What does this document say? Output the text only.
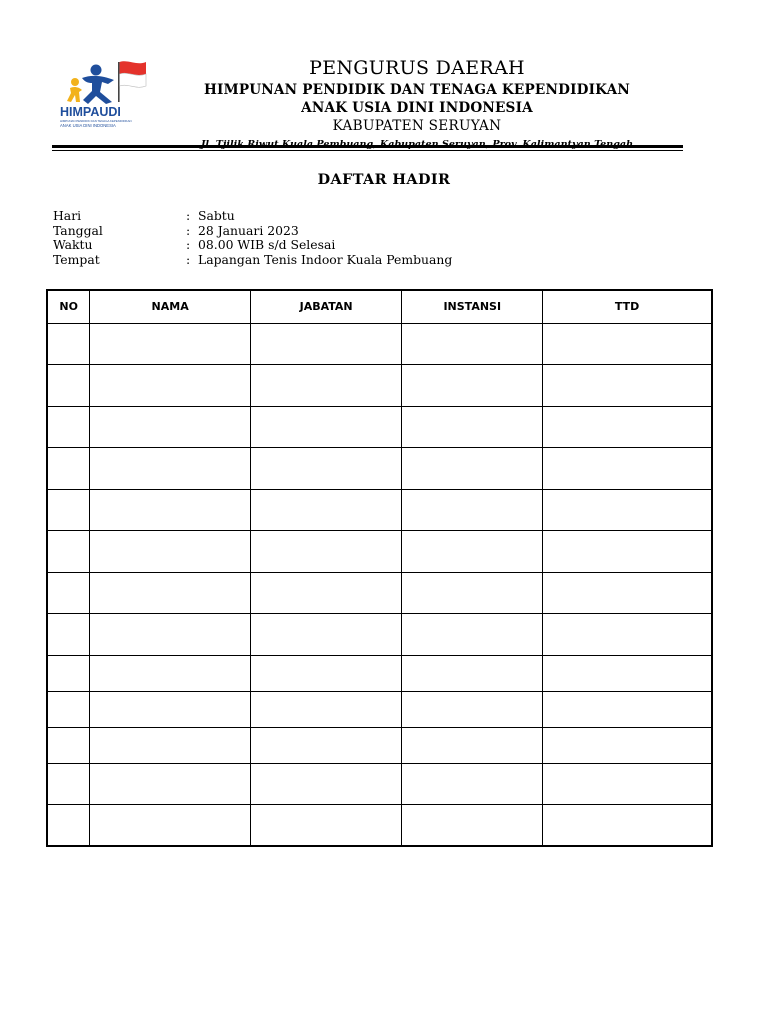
HIMPAUDI
HIMPUNAN PENDIDIK DAN TENAGA KEPENDIDIKAN
ANAK USIA DINI INDONESIA
PENGURUS DAERAH
HIMPUNAN PENDIDIK DAN TENAGA KEPENDIDIKAN
ANAK USIA DINI INDONESIA
KABUPATEN SERUYAN
DAFTAR HADIR
Hari	: Sabtu
Tanggal	: 28 Januari 2023
Waktu	: 08.00 WIB s/d Selesai
Tempat	: Lapangan Tenis Indoor Kuala Pembuang
NO	NAMA	JABATAN	INSTANSI	TTD
